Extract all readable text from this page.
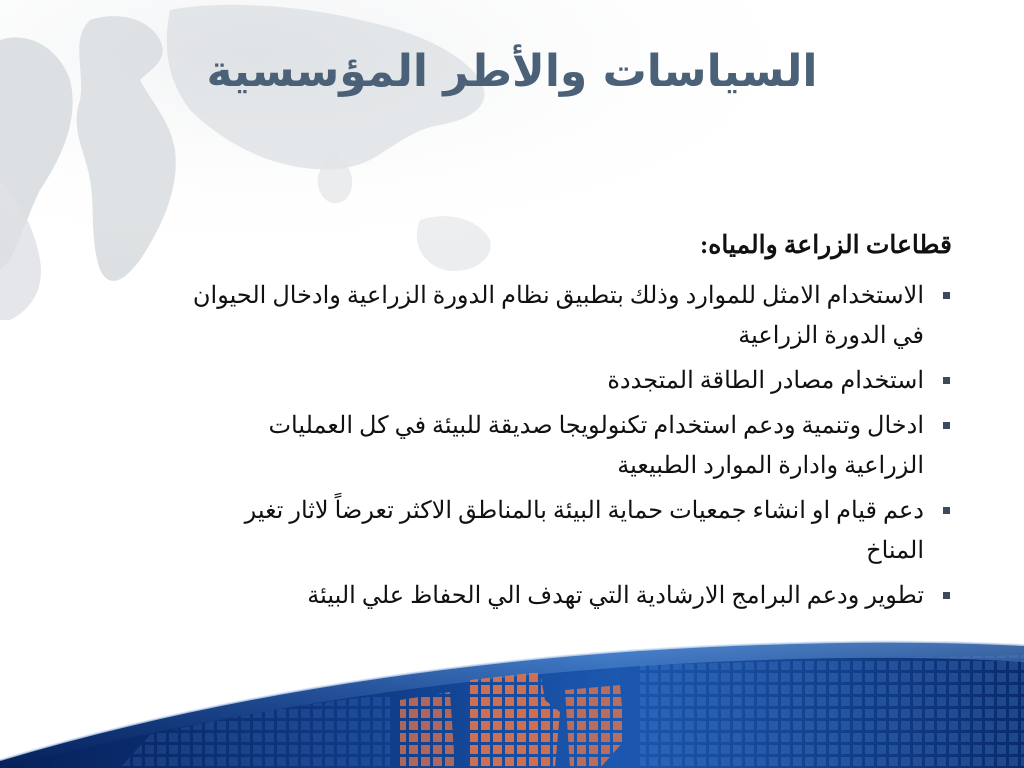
السياسات والأطر المؤسسية
قطاعات الزراعة والمياه:
الاستخدام الامثل للموارد وذلك بتطبيق نظام الدورة الزراعية وادخال الحيوان في الدورة الزراعية
استخدام مصادر الطاقة المتجددة
ادخال وتنمية ودعم استخدام تكنولويجا صديقة للبيئة في كل العمليات الزراعية وادارة الموارد الطبيعية
دعم قيام او انشاء جمعيات حماية البيئة بالمناطق الاكثر تعرضاً لاثار تغير المناخ
تطوير ودعم البرامج الارشادية التي تهدف الي الحفاظ علي البيئة
